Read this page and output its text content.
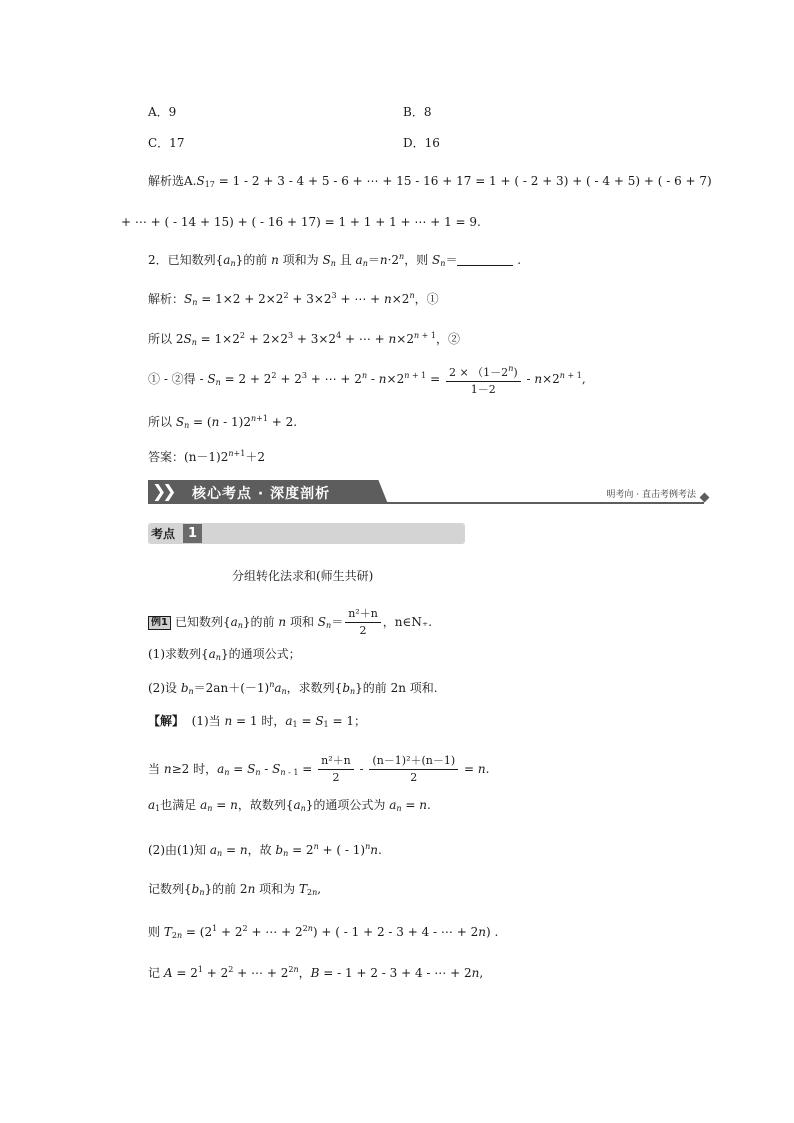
A．9	B．8
C．17	D．16
解析选$A.S_{17} = 1 - 2 + 3 - 4 + 5 - 6$ + ⋯ + 15 - 16 + 17 = 1 + ( - 2 + 3) + ( - 4 + 5) + ( - 6 + 7)
+ ⋯ + ( - 14 + 15) + ( - 16 + 17) = 1 + 1 + 1 + ⋯ + 1 = 9.
2．已知数列$\{a_n\}$的前 n 项和为 $S_n$ 且 $a_n=n\cdot 2^n$，则 $S_n=$	.
解析：$S_n = 1\times 2 + 2\times 2^2 + 3\times 2^3$ + ⋯ + $n\times 2^n$，①
所以 $2S_n = 1\times 2^2 + 2\times 2^3 + 3\times 2^4$ + ⋯ + $n\times 2^{n + 1}$，②
① - ②得 - $S_n = 2 + 2^2 + 2^3$ + ⋯ + $2^n - n\times 2^{n + 1} = \frac{2 \times (1-2^n)}{1-2} - n\times 2^{n + 1}$,
所以 $S_n = (n - 1)2^{n+1} + 2$.
答案：$(n-1)2^{n+1}+2$
❯❯ 核心考点 · 深度剖析	明考向 · 直击考例考法
考点 1
分组转化法求和(师生共研)
例1 已知数列$\{a_n\}$的前 n 项和 $S_n= \frac{\text{n²＋n}}{2}$ ，n∈N₊.
(1)求数列$\{a_n\}$的通项公式；
(2)设 $b_n=2an+(-1)^na_n$，求数列$\{b_n\}$的前 2n 项和.
【解】 (1)当 n = 1 时，$a_1 = S_1 = 1$；
当 n≥2 时，$a_n = S_n - S_{n - 1} = \frac{\text{n²＋n}}{2} - \frac{\text{(n－1)²＋(n－1)}}{2} = n$.
$a_1$也满足 $a_n = n$，故数列$\{a_n\}$的通项公式为 $a_n = n$.
(2)由(1)知 $a_n = n$，故 $b_n = 2^n$ + ( - 1)$^n$n.
记数列$\{b_n\}$的前 2n 项和为 $T_{2n}$,
则 $T_{2n} = (2^1 + 2^2$ + ⋯ + $2^{2n}$) + ( - 1 + 2 - 3 + 4 - ⋯ + 2n) .
记 $A = 2^1 + 2^2$ + ⋯ + $2^{2n}$，B = - 1 + 2 - 3 + 4 - ⋯ + 2n,
